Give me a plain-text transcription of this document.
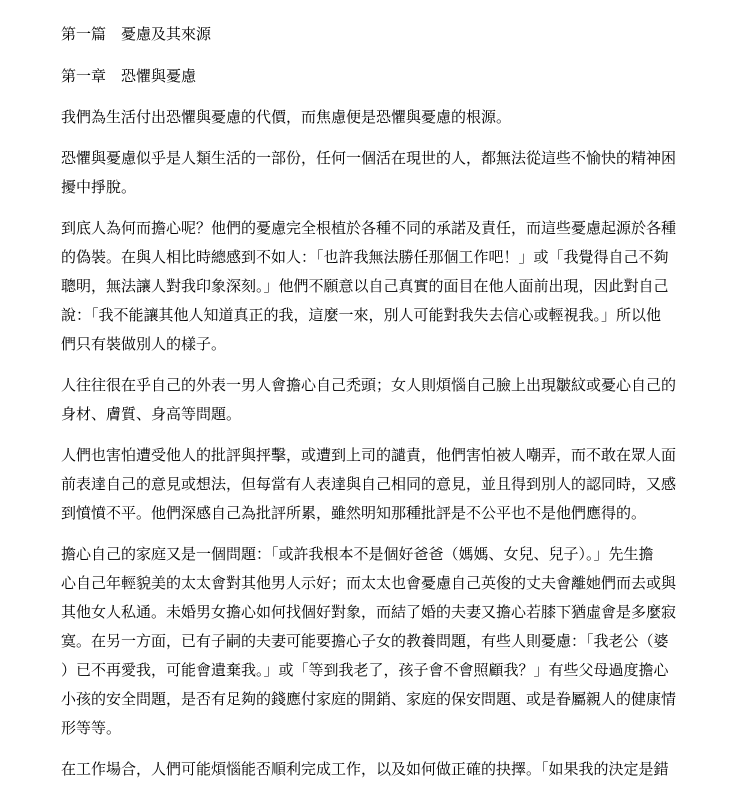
第一篇　憂慮及其來源

第一章　恐懼與憂慮

我們為生活付出恐懼與憂慮的代價，而焦慮便是恐懼與憂慮的根源。

恐懼與憂慮似乎是人類生活的一部份，任何一個活在現世的人，都無法從這些不愉快的精神困
擾中掙脫。

到底人為何而擔心呢？他們的憂慮完全根植於各種不同的承諾及責任，而這些憂慮起源於各種
的偽裝。在與人相比時總感到不如人：「也許我無法勝任那個工作吧！」或「我覺得自己不夠
聰明，無法讓人對我印象深刻。」他們不願意以自己真實的面目在他人面前出現，因此對自己
說：「我不能讓其他人知道真正的我，這麼一來，別人可能對我失去信心或輕視我。」所以他
們只有裝做別人的樣子。

人往往很在乎自己的外表一男人會擔心自己禿頭；女人則煩惱自己臉上出現皺紋或憂心自己的
身材、膚質、身高等問題。

人們也害怕遭受他人的批評與抨擊，或遭到上司的譴責，他們害怕被人嘲弄，而不敢在眾人面
前表達自己的意見或想法，但每當有人表達與自己相同的意見，並且得到別人的認同時，又感
到憤憤不平。他們深感自己為批評所累，雖然明知那種批評是不公平也不是他們應得的。

擔心自己的家庭又是一個問題：「或許我根本不是個好爸爸（媽媽、女兒、兒子）。」先生擔
心自己年輕貌美的太太會對其他男人示好；而太太也會憂慮自己英俊的丈夫會離她們而去或與
其他女人私通。未婚男女擔心如何找個好對象，而結了婚的夫妻又擔心若膝下猶虛會是多麼寂
寞。在另一方面，已有子嗣的夫妻可能要擔心子女的教養問題，有些人則憂慮：「我老公（婆
）已不再愛我，可能會遺棄我。」或「等到我老了，孩子會不會照顧我？」有些父母過度擔心
小孩的安全問題，是否有足夠的錢應付家庭的開銷、家庭的保安問題、或是眷屬親人的健康情
形等等。

在工作場合，人們可能煩惱能否順利完成工作，以及如何做正確的抉擇。「如果我的決定是錯
